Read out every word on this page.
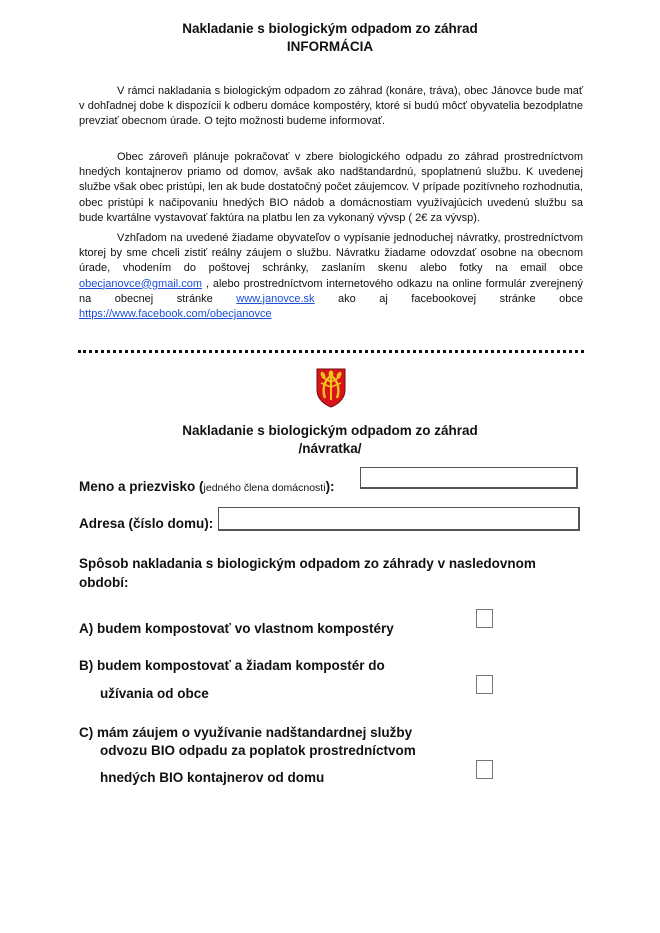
Nakladanie s biologickým odpadom zo záhrad
INFORMÁCIA

V rámci nakladania s biologickým odpadom zo záhrad (konáre, tráva), obec Jánovce bude mať v dohľadnej dobe k dispozícii k odberu domáce kompostéry, ktoré si budú môcť obyvatelia bezodplatne prevziať obecnom úrade. O tejto možnosti budeme informovať.

Obec zároveň plánuje pokračovať v zbere biologického odpadu zo záhrad prostredníctvom hnedých kontajnerov priamo od domov, avšak ako nadštandardnú, spoplatnenú službu. K uvedenej službe však obec pristúpi, len ak bude dostatočný počet záujemcov. V prípade pozitívneho rozhodnutia, obec pristúpi k načipovaniu hnedých BIO nádob a domácnostiam využívajúcich uvedenú službu sa bude kvartálne vystavovať faktúra na platbu len za vykonaný vývsp ( 2€ za vývsp).

Vzhľadom na uvedené žiadame obyvateľov o vypísanie jednoduchej návratky, prostredníctvom ktorej by sme chceli zistiť reálny záujem o službu. Návratku žiadame odovzdať osobne na obecnom úrade, vhodením do poštovej schránky, zaslaním skenu alebo fotky na email obce obecjanovce@gmail.com , alebo prostredníctvom internetového odkazu na online formulár zverejnený na obecnej stránke www.janovce.sk ako aj facebookovej stránke obce https://www.facebook.com/obecjanovce

Nakladanie s biologickým odpadom zo záhrad
/návratka/
Meno a priezvisko (jedného člena domácnosti):
Adresa (číslo domu):
Spôsob nakladania s biologickým odpadom zo záhrady v nasledovnom
období:
A) budem kompostovať vo vlastnom kompostéry
B) budem kompostovať a žiadam kompostér do
užívania od obce
C) mám záujem o využívanie nadštandardnej služby
odvozu BIO odpadu za poplatok prostredníctvom
hnedých BIO kontajnerov od domu
